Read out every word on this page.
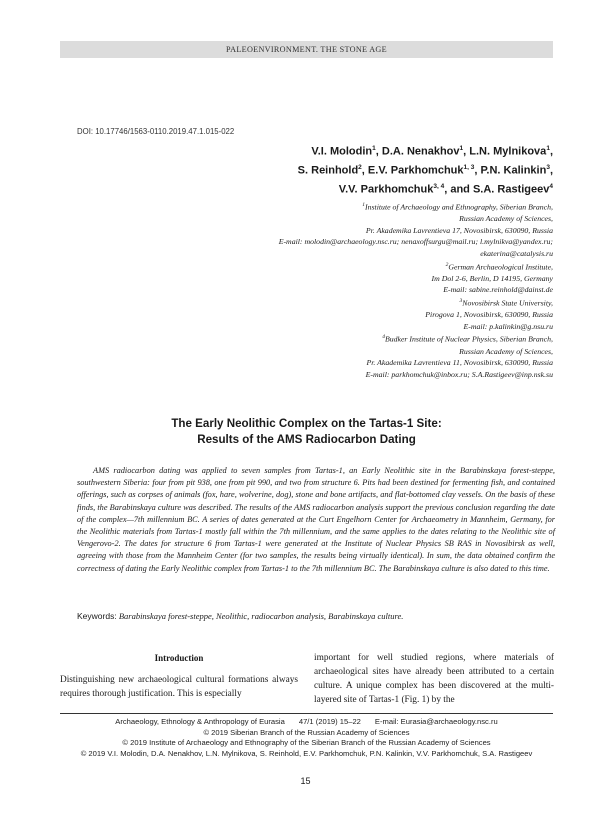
PALEOENVIRONMENT. THE STONE AGE
DOI: 10.17746/1563-0110.2019.47.1.015-022
V.I. Molodin$^1$, D.A. Nenakhov$^1$, L.N. Mylnikova$^1$,
S. Reinhold$^2$, E.V. Parkhomchuk$^{1, 3}$, P.N. Kalinkin$^3$,
V.V. Parkhomchuk$^{3, 4}$, and S.A. Rastigeev$^4$
$^1$Institute of Archaeology and Ethnography, Siberian Branch,
Russian Academy of Sciences,
Pr. Akademika Lavrentieva 17, Novosibirsk, 630090, Russia
E-mail: molodin@archaeology.nsc.ru; nenaxoffsurgu@mail.ru; l.mylnikva@yandex.ru;
ekaterina@catalysis.ru
$^2$German Archaeological Institute,
Im Dol 2-6, Berlin, D 14195, Germany
E-mail: sabine.reinhold@dainst.de
$^3$Novosibirsk State University,
Pirogova 1, Novosibirsk, 630090, Russia
E-mail: p.kalinkin@g.nsu.ru
$^4$Budker Institute of Nuclear Physics, Siberian Branch,
Russian Academy of Sciences,
Pr. Akademika Lavrentieva 11, Novosibirsk, 630090, Russia
E-mail: parkhomchuk@inbox.ru; S.A.Rastigeev@inp.nsk.su
The Early Neolithic Complex on the Tartas-1 Site:
Results of the AMS Radiocarbon Dating
AMS radiocarbon dating was applied to seven samples from Tartas-1, an Early Neolithic site in the Barabinskaya forest-steppe, southwestern Siberia: four from pit 938, one from pit 990, and two from structure 6. Pits had been destined for fermenting fish, and contained offerings, such as corpses of animals (fox, hare, wolverine, dog), stone and bone artifacts, and flat-bottomed clay vessels. On the basis of these finds, the Barabinskaya culture was described. The results of the AMS radiocarbon analysis support the previous conclusion regarding the date of the complex—7th millennium BC. A series of dates generated at the Curt Engelhorn Center for Archaeometry in Mannheim, Germany, for the Neolithic materials from Tartas-1 mostly fall within the 7th millennium, and the same applies to the dates relating to the Neolithic site of Vengerovo-2. The dates for structure 6 from Tartas-1 were generated at the Institute of Nuclear Physics SB RAS in Novosibirsk as well, agreeing with those from the Mannheim Center (for two samples, the results being virtually identical). In sum, the data obtained confirm the correctness of dating the Early Neolithic complex from Tartas-1 to the 7th millennium BC. The Barabinskaya culture is also dated to this time.
Keywords: Barabinskaya forest-steppe, Neolithic, radiocarbon analysis, Barabinskaya culture.
Introduction
Distinguishing new archaeological cultural formations always requires thorough justification. This is especially
important for well studied regions, where materials of archaeological sites have already been attributed to a certain culture. A unique complex has been discovered at the multi-layered site of Tartas-1 (Fig. 1) by the
Archaeology, Ethnology & Anthropology of Eurasia 47/1 (2019) 15–22 E-mail: Eurasia@archaeology.nsc.ru
© 2019 Siberian Branch of the Russian Academy of Sciences
© 2019 Institute of Archaeology and Ethnography of the Siberian Branch of the Russian Academy of Sciences
© 2019 V.I. Molodin, D.A. Nenakhov, L.N. Mylnikova, S. Reinhold, E.V. Parkhomchuk, P.N. Kalinkin, V.V. Parkhomchuk, S.A. Rastigeev
15
